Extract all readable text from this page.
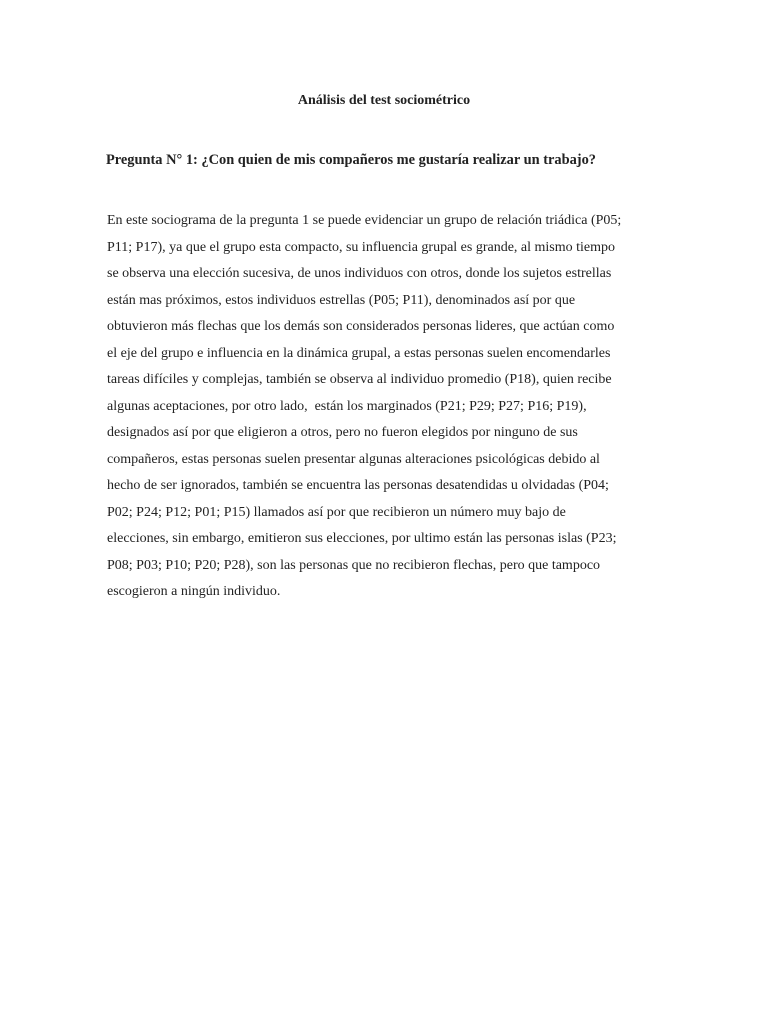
Análisis del test sociométrico
Pregunta N° 1: ¿Con quien de mis compañeros me gustaría realizar un trabajo?
En este sociograma de la pregunta 1 se puede evidenciar un grupo de relación triádica (P05;
P11; P17), ya que el grupo esta compacto, su influencia grupal es grande, al mismo tiempo
se observa una elección sucesiva, de unos individuos con otros, donde los sujetos estrellas
están mas próximos, estos individuos estrellas (P05; P11), denominados así por que
obtuvieron más flechas que los demás son considerados personas lideres, que actúan como
el eje del grupo e influencia en la dinámica grupal, a estas personas suelen encomendarles
tareas difíciles y complejas, también se observa al individuo promedio (P18), quien recibe
algunas aceptaciones, por otro lado,  están los marginados (P21; P29; P27; P16; P19),
designados así por que eligieron a otros, pero no fueron elegidos por ninguno de sus
compañeros, estas personas suelen presentar algunas alteraciones psicológicas debido al
hecho de ser ignorados, también se encuentra las personas desatendidas u olvidadas (P04;
P02; P24; P12; P01; P15) llamados así por que recibieron un número muy bajo de
elecciones, sin embargo, emitieron sus elecciones, por ultimo están las personas islas (P23;
P08; P03; P10; P20; P28), son las personas que no recibieron flechas, pero que tampoco
escogieron a ningún individuo.
